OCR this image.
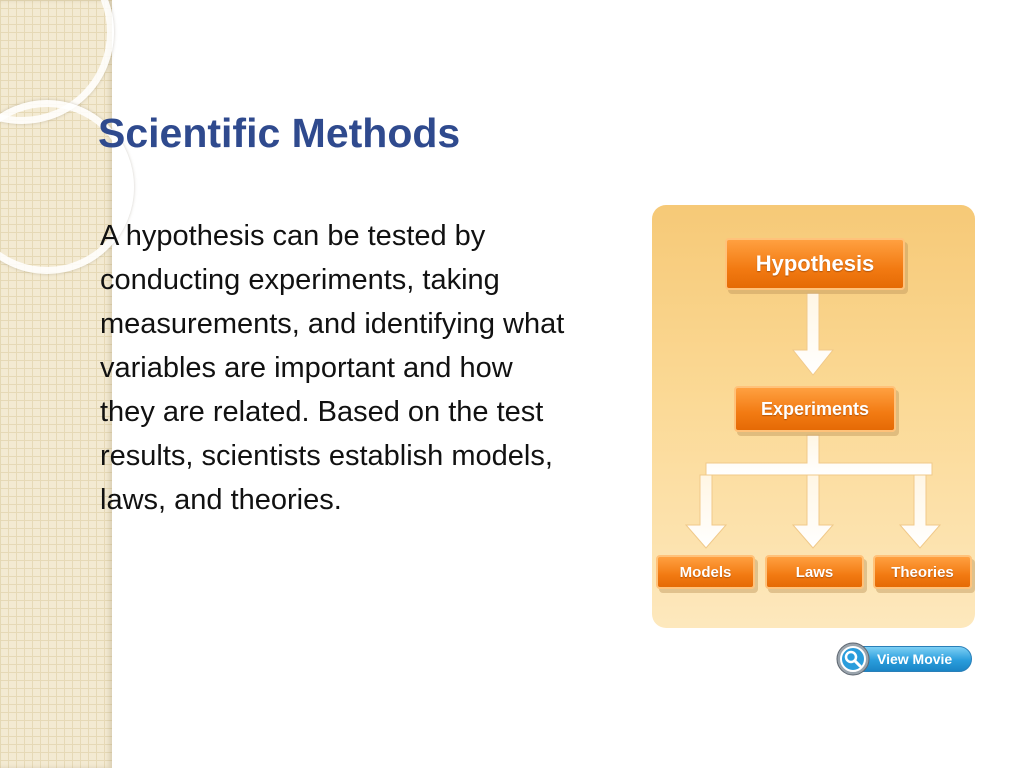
Scientific Methods

A hypothesis can be tested by conducting experiments, taking measurements, and identifying what variables are important and how they are related. Based on the test results, scientists establish models, laws, and theories.

Hypothesis
Experiments
Models	Laws	Theories
View Movie
